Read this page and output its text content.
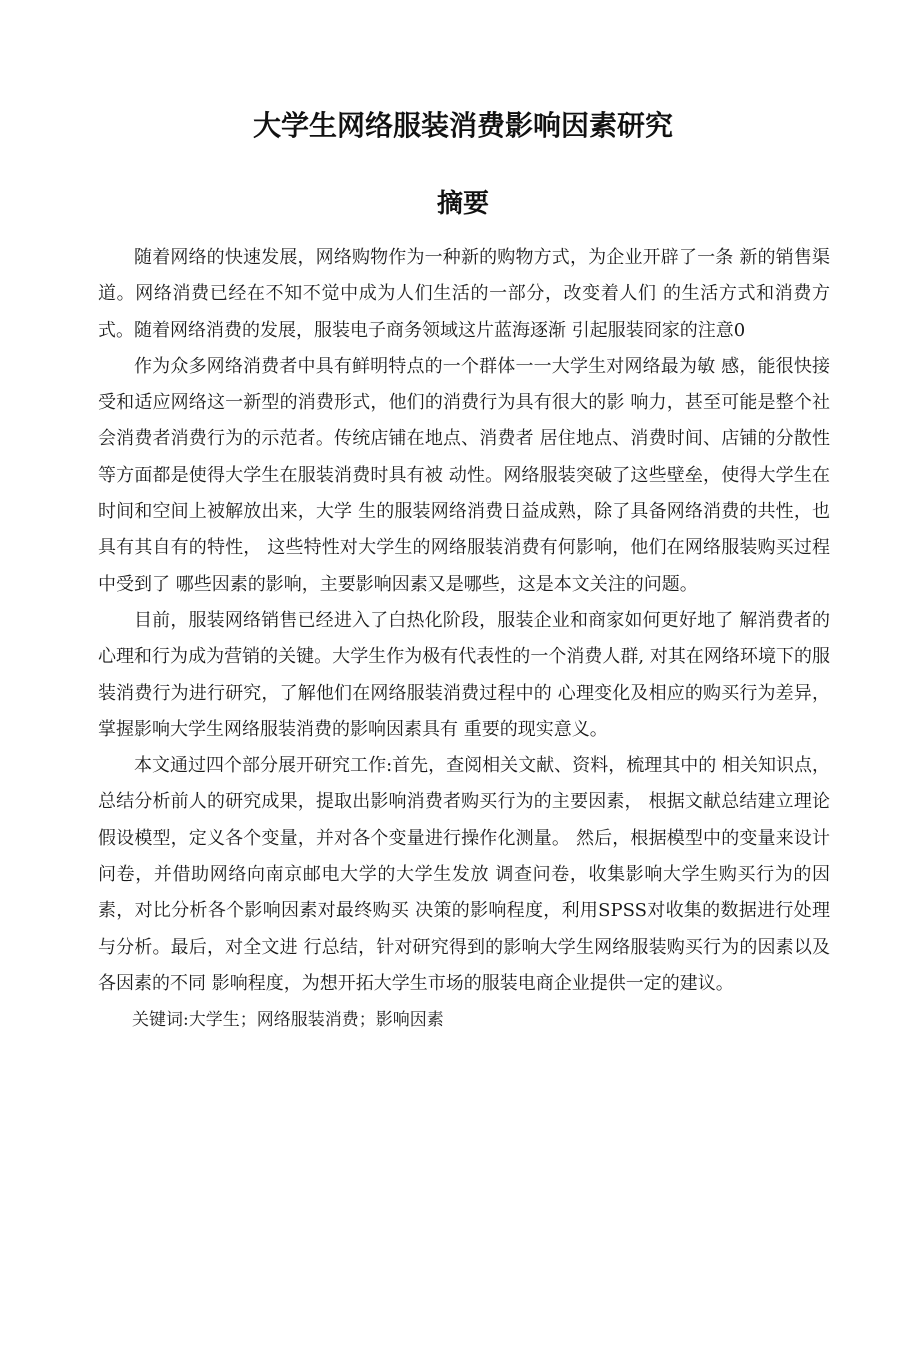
大学生网络服装消费影响因素研究
摘要

随着网络的快速发展，网络购物作为一种新的购物方式，为企业开辟了一条 新的销售渠道。网络消费已经在不知不觉中成为人们生活的一部分，改变着人们 的生活方式和消费方式。随着网络消费的发展，服装电子商务领域这片蓝海逐渐 引起服装冏家的注意0

作为众多网络消费者中具有鲜明特点的一个群体一一大学生对网络最为敏 感，能很快接受和适应网络这一新型的消费形式，他们的消费行为具有很大的影 响力，甚至可能是整个社会消费者消费行为的示范者。传统店铺在地点、消费者 居住地点、消费时间、店铺的分散性等方面都是使得大学生在服装消费时具有被 动性。网络服装突破了这些壁垒，使得大学生在时间和空间上被解放出来，大学 生的服装网络消费日益成熟，除了具备网络消费的共性，也具有其自有的特性， 这些特性对大学生的网络服装消费有何影响，他们在网络服装购买过程中受到了 哪些因素的影响，主要影响因素又是哪些，这是本文关注的问题。

目前，服装网络销售已经进入了白热化阶段，服装企业和商家如何更好地了 解消费者的心理和行为成为营销的关键。大学生作为极有代表性的一个消费人群, 对其在网络环境下的服装消费行为进行研究，了解他们在网络服装消费过程中的 心理变化及相应的购买行为差异，掌握影响大学生网络服装消费的影响因素具有 重要的现实意义。

本文通过四个部分展开研究工作:首先，查阅相关文献、资料，梳理其中的 相关知识点，总结分析前人的研究成果，提取出影响消费者购买行为的主要因素， 根据文献总结建立理论假设模型，定义各个变量，并对各个变量进行操作化测量。 然后，根据模型中的变量来设计问卷，并借助网络向南京邮电大学的大学生发放 调查问卷，收集影响大学生购买行为的因素，对比分析各个影响因素对最终购买 决策的影响程度，利用SPSS对收集的数据进行处理与分析。最后，对全文进 行总结，针对研究得到的影响大学生网络服装购买行为的因素以及各因素的不同 影响程度，为想开拓大学生市场的服装电商企业提供一定的建议。

关键词:大学生；网络服装消费；影响因素
